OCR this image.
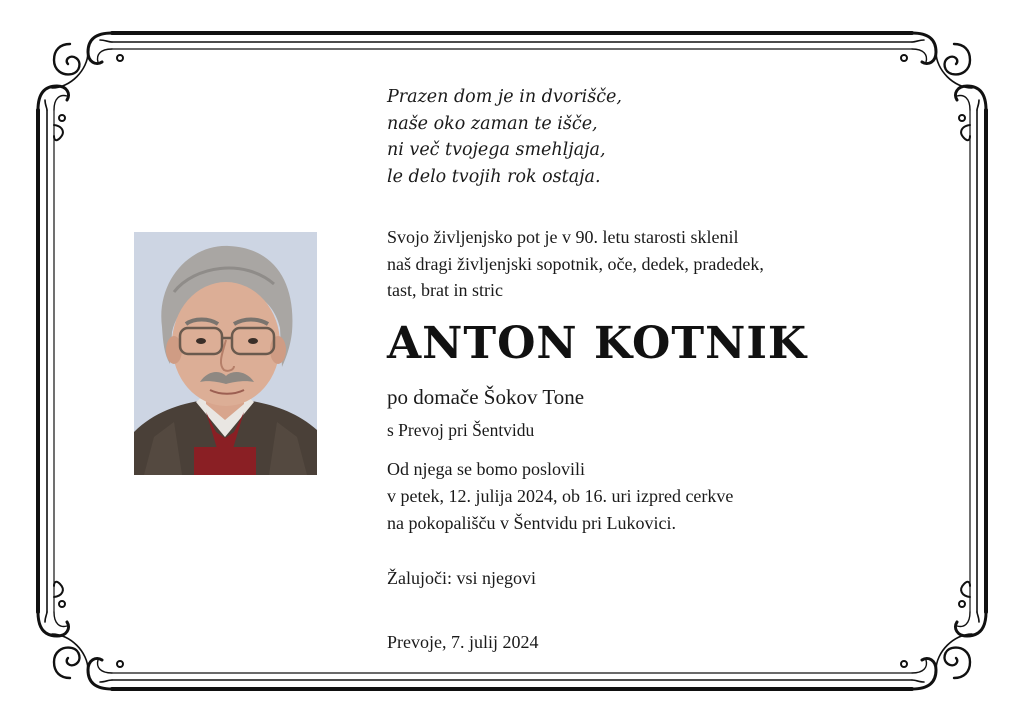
Prazen dom je in dvorišče,
naše oko zaman te išče,
ni več tvojega smehljaja,
le delo tvojih rok ostaja.
Svojo življenjsko pot je v 90. letu starosti sklenil
naš dragi življenjski sopotnik, oče, dedek, pradedek,
tast, brat in stric
ANTON KOTNIK
po domače Šokov Tone
s Prevoj pri Šentvidu
Od njega se bomo poslovili
v petek, 12. julija 2024, ob 16. uri izpred cerkve
na pokopališču v Šentvidu pri Lukovici.
Žalujoči: vsi njegovi
Prevoje, 7. julij 2024
